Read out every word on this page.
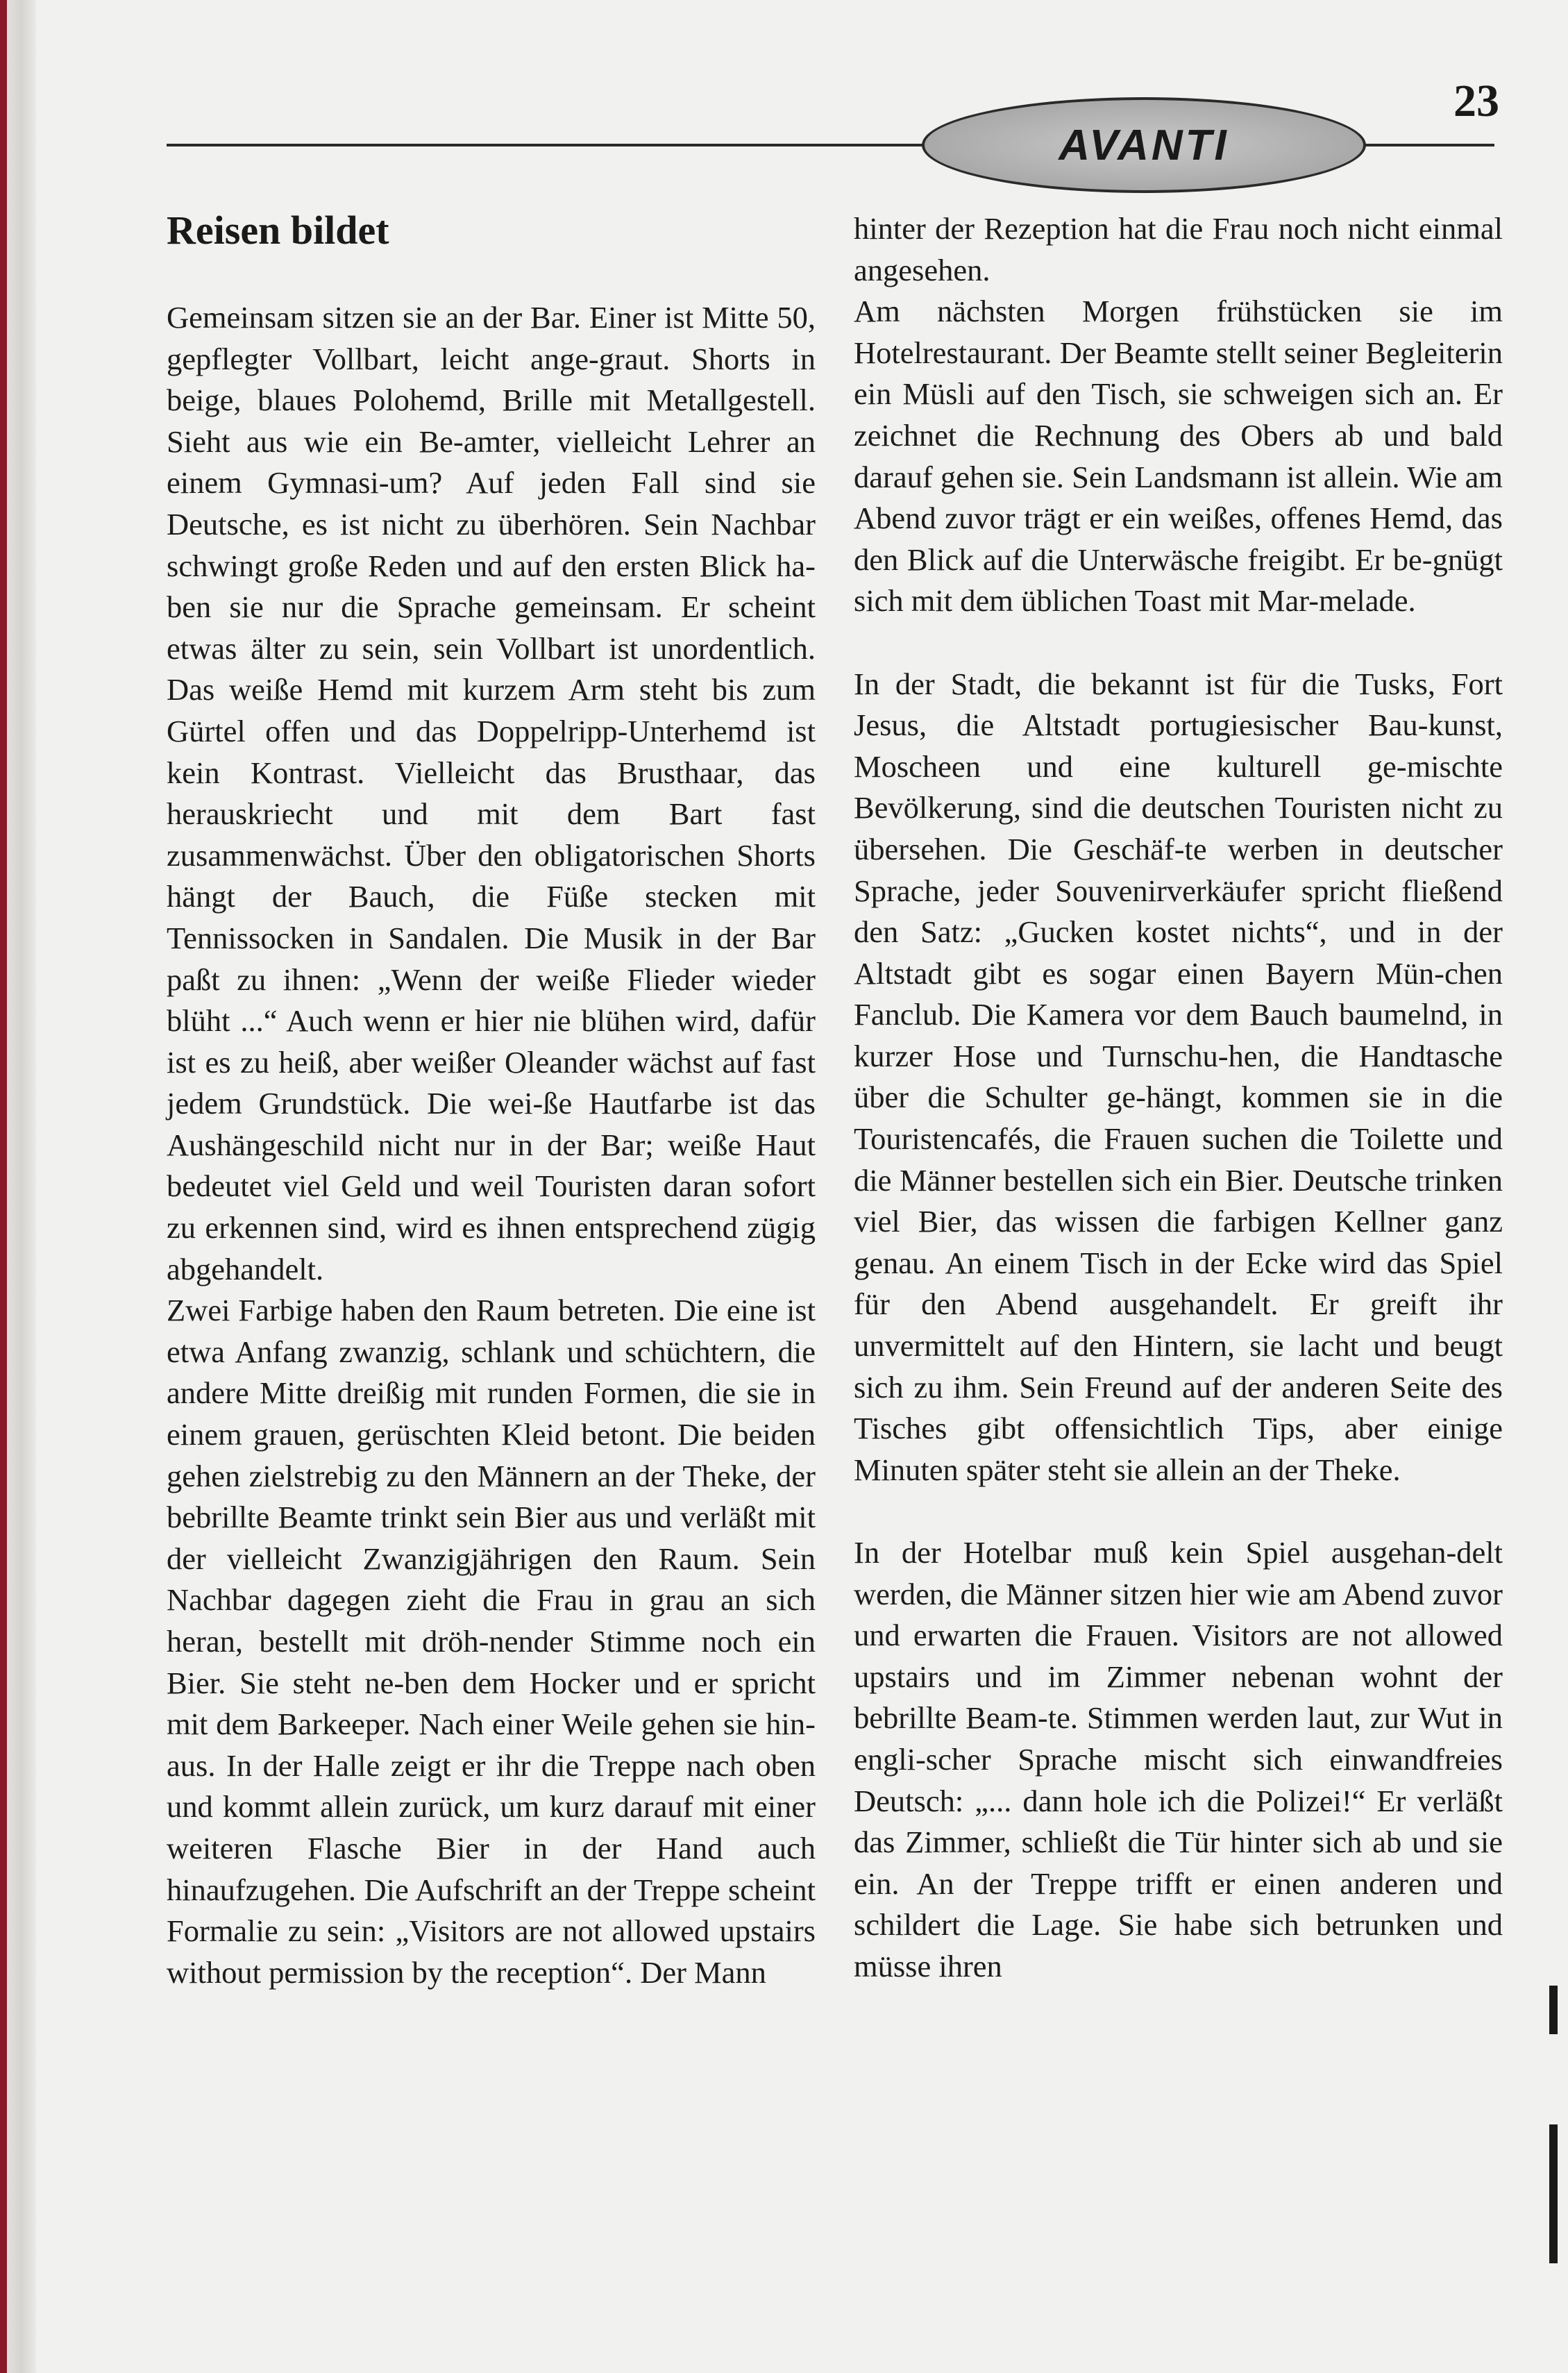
AVANTI
23
Reisen bildet

Gemeinsam sitzen sie an der Bar. Einer ist Mitte 50, gepflegter Vollbart, leicht ange-graut. Shorts in beige, blaues Polohemd, Brille mit Metallgestell. Sieht aus wie ein Be-amter, vielleicht Lehrer an einem Gymnasi-um? Auf jeden Fall sind sie Deutsche, es ist nicht zu überhören. Sein Nachbar schwingt große Reden und auf den ersten Blick ha-ben sie nur die Sprache gemeinsam. Er scheint etwas älter zu sein, sein Vollbart ist unordentlich. Das weiße Hemd mit kurzem Arm steht bis zum Gürtel offen und das Doppelripp-Unterhemd ist kein Kontrast. Vielleicht das Brusthaar, das herauskriecht und mit dem Bart fast zusammenwächst. Über den obligatorischen Shorts hängt der Bauch, die Füße stecken mit Tennissocken in Sandalen. Die Musik in der Bar paßt zu ihnen: „Wenn der weiße Flieder wieder blüht ...“ Auch wenn er hier nie blühen wird, dafür ist es zu heiß, aber weißer Oleander wächst auf fast jedem Grundstück. Die wei-ße Hautfarbe ist das Aushängeschild nicht nur in der Bar; weiße Haut bedeutet viel Geld und weil Touristen daran sofort zu erkennen sind, wird es ihnen entsprechend zügig abgehandelt.

Zwei Farbige haben den Raum betreten. Die eine ist etwa Anfang zwanzig, schlank und schüchtern, die andere Mitte dreißig mit runden Formen, die sie in einem grauen, gerüschten Kleid betont. Die beiden gehen zielstrebig zu den Männern an der Theke, der bebrillte Beamte trinkt sein Bier aus und verläßt mit der vielleicht Zwanzigjährigen den Raum. Sein Nachbar dagegen zieht die Frau in grau an sich heran, bestellt mit dröh-nender Stimme noch ein Bier. Sie steht ne-ben dem Hocker und er spricht mit dem Barkeeper. Nach einer Weile gehen sie hin-aus. In der Halle zeigt er ihr die Treppe nach oben und kommt allein zurück, um kurz darauf mit einer weiteren Flasche Bier in der Hand auch hinaufzugehen. Die Aufschrift an der Treppe scheint Formalie zu sein: „Visitors are not allowed upstairs without permission by the reception“. Der Mann

hinter der Rezeption hat die Frau noch nicht einmal angesehen.

Am nächsten Morgen frühstücken sie im Hotelrestaurant. Der Beamte stellt seiner Begleiterin ein Müsli auf den Tisch, sie schweigen sich an. Er zeichnet die Rechnung des Obers ab und bald darauf gehen sie. Sein Landsmann ist allein. Wie am Abend zuvor trägt er ein weißes, offenes Hemd, das den Blick auf die Unterwäsche freigibt. Er be-gnügt sich mit dem üblichen Toast mit Mar-melade.

In der Stadt, die bekannt ist für die Tusks, Fort Jesus, die Altstadt portugiesischer Bau-kunst, Moscheen und eine kulturell ge-mischte Bevölkerung, sind die deutschen Touristen nicht zu übersehen. Die Geschäf-te werben in deutscher Sprache, jeder Souvenirverkäufer spricht fließend den Satz: „Gucken kostet nichts“, und in der Altstadt gibt es sogar einen Bayern Mün-chen Fanclub. Die Kamera vor dem Bauch baumelnd, in kurzer Hose und Turnschu-hen, die Handtasche über die Schulter ge-hängt, kommen sie in die Touristencafés, die Frauen suchen die Toilette und die Männer bestellen sich ein Bier. Deutsche trinken viel Bier, das wissen die farbigen Kellner ganz genau. An einem Tisch in der Ecke wird das Spiel für den Abend ausgehandelt. Er greift ihr unvermittelt auf den Hintern, sie lacht und beugt sich zu ihm. Sein Freund auf der anderen Seite des Tisches gibt offensichtlich Tips, aber einige Minuten später steht sie allein an der Theke.

In der Hotelbar muß kein Spiel ausgehan-delt werden, die Männer sitzen hier wie am Abend zuvor und erwarten die Frauen. Visitors are not allowed upstairs und im Zimmer nebenan wohnt der bebrillte Beam-te. Stimmen werden laut, zur Wut in engli-scher Sprache mischt sich einwandfreies Deutsch: „... dann hole ich die Polizei!“ Er verläßt das Zimmer, schließt die Tür hinter sich ab und sie ein. An der Treppe trifft er einen anderen und schildert die Lage. Sie habe sich betrunken und müsse ihren
